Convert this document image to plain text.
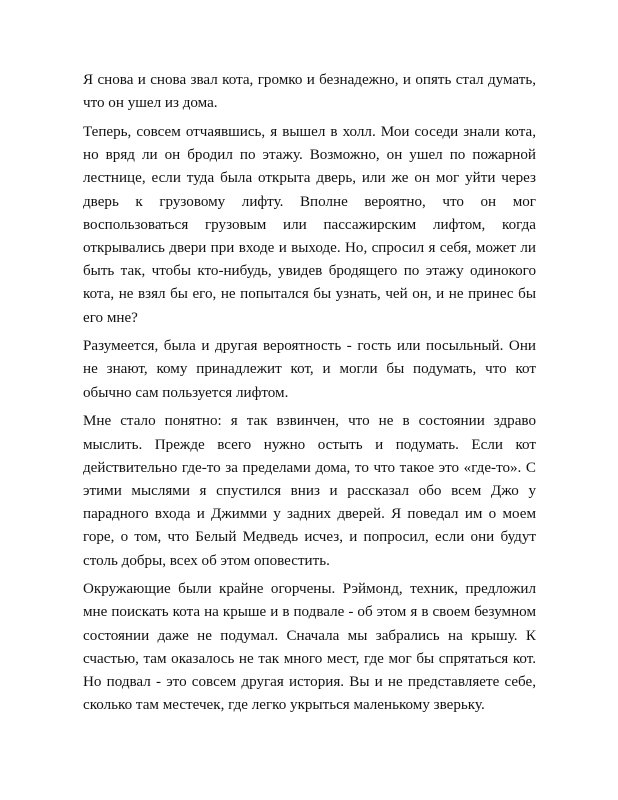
Я снова и снова звал кота, громко и безнадежно, и опять стал думать, что он ушел из дома.

Теперь, совсем отчаявшись, я вышел в холл. Мои соседи знали кота, но вряд ли он бродил по этажу. Возможно, он ушел по пожарной лестнице, если туда была открыта дверь, или же он мог уйти через дверь к грузовому лифту. Вполне вероятно, что он мог воспользоваться грузовым или пассажирским лифтом, когда открывались двери при входе и выходе. Но, спросил я себя, может ли быть так, чтобы кто-нибудь, увидев бродящего по этажу одинокого кота, не взял бы его, не попытался бы узнать, чей он, и не принес бы его мне?

Разумеется, была и другая вероятность - гость или посыльный. Они не знают, кому принадлежит кот, и могли бы подумать, что кот обычно сам пользуется лифтом.

Мне стало понятно: я так взвинчен, что не в состоянии здраво мыслить. Прежде всего нужно остыть и подумать. Если кот действительно где-то за пределами дома, то что такое это «где-то». С этими мыслями я спустился вниз и рассказал обо всем Джо у парадного входа и Джимми у задних дверей. Я поведал им о моем горе, о том, что Белый Медведь исчез, и попросил, если они будут столь добры, всех об этом оповестить.

Окружающие были крайне огорчены. Рэймонд, техник, предложил мне поискать кота на крыше и в подвале - об этом я в своем безумном состоянии даже не подумал. Сначала мы забрались на крышу. К счастью, там оказалось не так много мест, где мог бы спрятаться кот. Но подвал - это совсем другая история. Вы и не представляете себе, сколько там местечек, где легко укрыться маленькому зверьку.
